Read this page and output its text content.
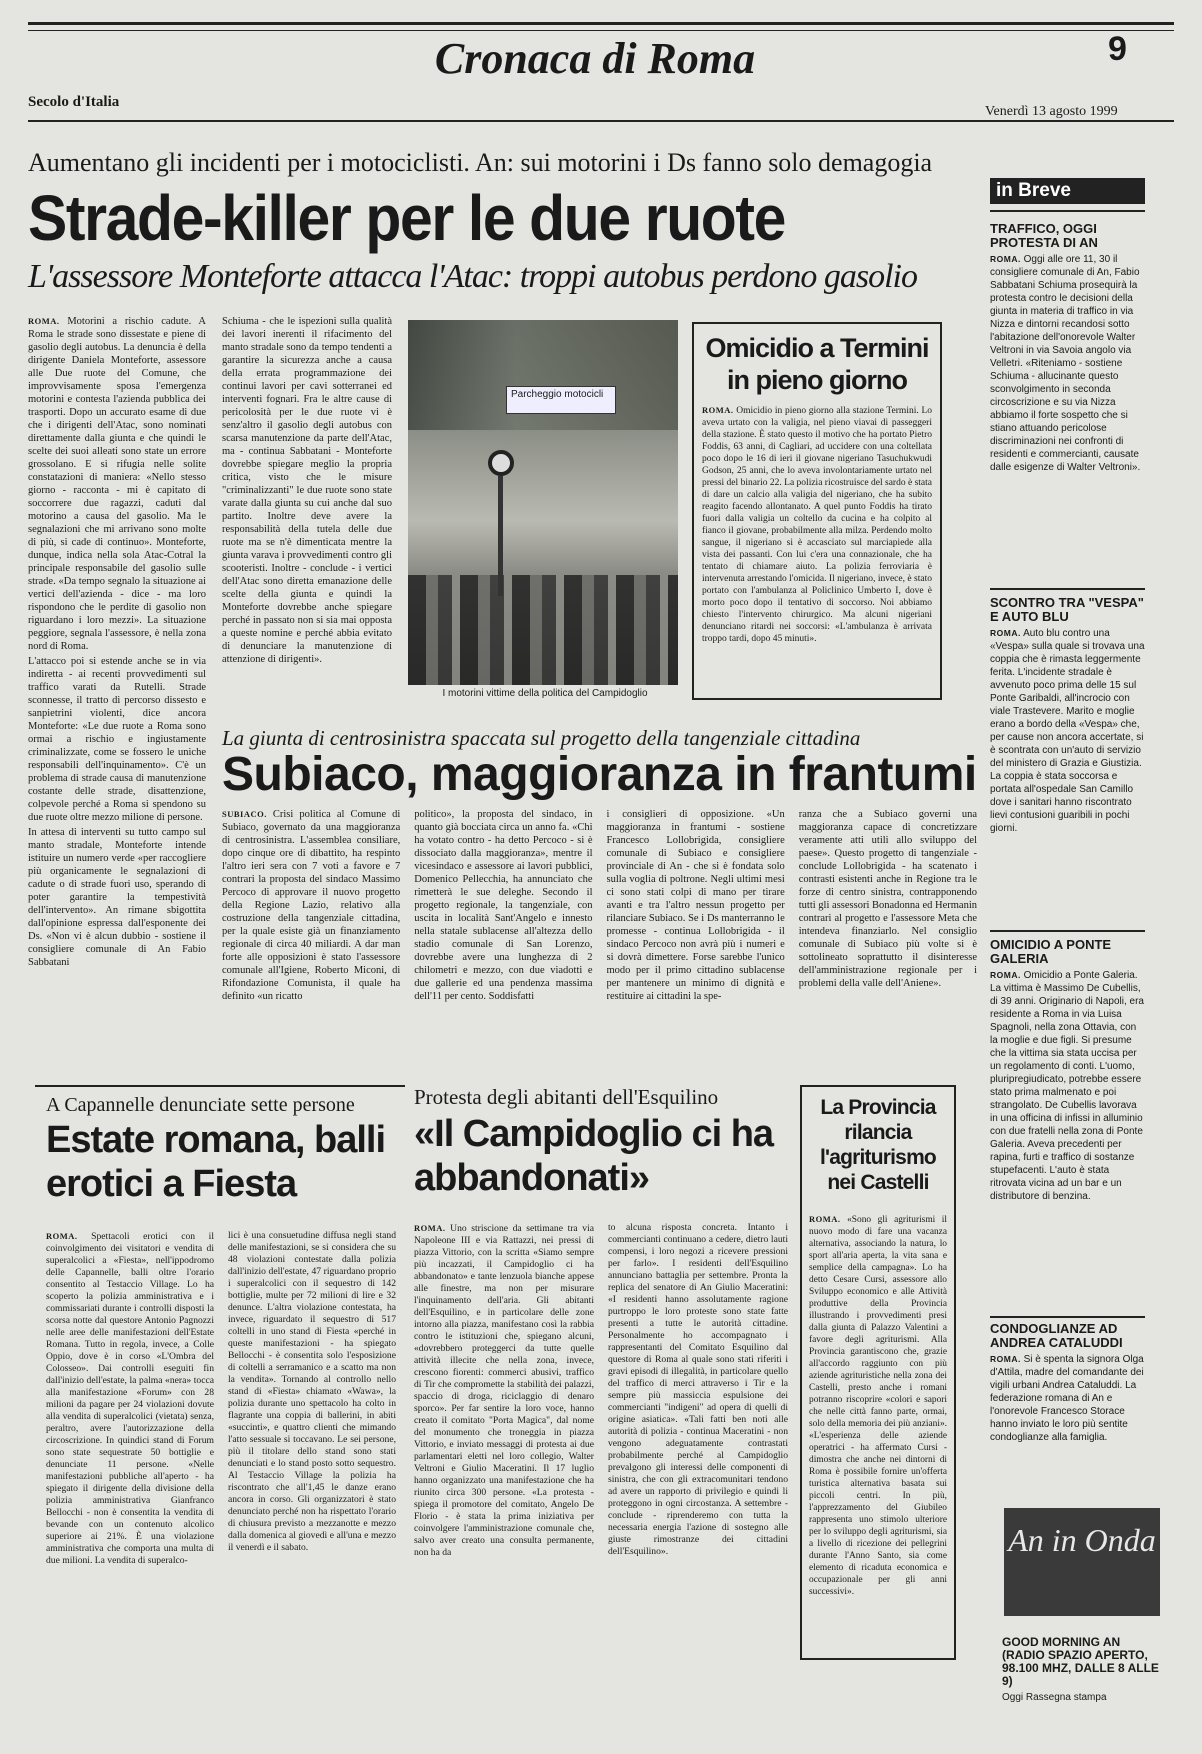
Cronaca di Roma	9
Secolo d'Italia
Venerdì 13 agosto 1999
Aumentano gli incidenti per i motociclisti. An: sui motorini i Ds fanno solo demagogia
Strade-killer per le due ruote
L'assessore Monteforte attacca l'Atac: troppi autobus perdono gasolio

ROMA. Motorini a rischio cadute. A Roma le strade sono dissestate e piene di gasolio degli autobus. La denuncia è della dirigente Daniela Monteforte, assessore alle Due ruote del Comune, che improvvisamente sposa l'emergenza motorini e contesta l'azienda pubblica dei trasporti. Dopo un accurato esame di due che i dirigenti dell'Atac, sono nominati direttamente dalla giunta e che quindi le scelte dei suoi alleati sono state un errore grossolano. E si rifugia nelle solite constatazioni di maniera: «Nello stesso giorno - racconta - mi è capitato di soccorrere due ragazzi, caduti dal motorino a causa del gasolio. Ma le segnalazioni che mi arrivano sono molte di più, si cade di continuo». Monteforte, dunque, indica nella sola Atac-Cotral la principale responsabile del gasolio sulle strade. «Da tempo segnalo la situazione ai vertici dell'azienda - dice - ma loro rispondono che le perdite di gasolio non riguardano i loro mezzi». La situazione peggiore, segnala l'assessore, è nella zona nord di Roma.

L'attacco poi si estende anche se in via indiretta - ai recenti provvedimenti sul traffico varati da Rutelli. Strade sconnesse, il tratto di percorso dissesto e sanpietrini violenti, dice ancora Monteforte: «Le due ruote a Roma sono ormai a rischio e ingiustamente criminalizzate, come se fossero le uniche responsabili dell'inquinamento». C'è un problema di strade causa di manutenzione costante delle strade, disattenzione, colpevole perché a Roma si spendono su due ruote oltre mezzo milione di persone.

In attesa di interventi su tutto campo sul manto stradale, Monteforte intende istituire un numero verde «per raccogliere più organicamente le segnalazioni di cadute o di strade fuori uso, sperando di poter garantire la tempestività dell'intervento». An rimane sbigottita dall'opinione espressa dall'esponente dei Ds. «Non vi è alcun dubbio - sostiene il consigliere comunale di An Fabio Sabbatani

Schiuma - che le ispezioni sulla qualità dei lavori inerenti il rifacimento del manto stradale sono da tempo tendenti a garantire la sicurezza anche a causa della errata programmazione dei continui lavori per cavi sotterranei ed interventi fognari. Fra le altre cause di pericolosità per le due ruote vi è senz'altro il gasolio degli autobus con scarsa manutenzione da parte dell'Atac, ma - continua Sabbatani - Monteforte dovrebbe spiegare meglio la propria critica, visto che le misure "criminalizzanti" le due ruote sono state varate dalla giunta su cui anche dal suo partito. Inoltre deve avere la responsabilità della tutela delle due ruote ma se n'è dimenticata mentre la giunta varava i provvedimenti contro gli scooteristi. Inoltre - conclude - i vertici dell'Atac sono diretta emanazione delle scelte della giunta e quindi la Monteforte dovrebbe anche spiegare perché in passato non si sia mai opposta a queste nomine e perché abbia evitato di denunciare la manutenzione di attenzione di dirigenti».

Parcheggio motocicli
I motorini vittime della politica del Campidoglio
Omicidio a Termini in pieno giorno
ROMA. Omicidio in pieno giorno alla stazione Termini. Lo aveva urtato con la valigia, nel pieno viavai di passeggeri della stazione. È stato questo il motivo che ha portato Pietro Foddis, 63 anni, di Cagliari, ad uccidere con una coltellata poco dopo le 16 di ieri il giovane nigeriano Tasuchukwudi Godson, 25 anni, che lo aveva involontariamente urtato nel pressi del binario 22. La polizia ricostruisce del sardo è stata di dare un calcio alla valigia del nigeriano, che ha subito reagito facendo allontanato. A quel punto Foddis ha tirato fuori dalla valigia un coltello da cucina e ha colpito al fianco il giovane, probabilmente alla milza. Perdendo molto sangue, il nigeriano si è accasciato sul marciapiede alla vista dei passanti. Con lui c'era una connazionale, che ha tentato di chiamare aiuto. La polizia ferroviaria è intervenuta arrestando l'omicida. Il nigeriano, invece, è stato portato con l'ambulanza al Policlinico Umberto I, dove è morto poco dopo il tentativo di soccorso. Noi abbiamo chiesto l'intervento chirurgico. Ma alcuni nigeriani denunciano ritardi nei soccorsi: «L'ambulanza è arrivata troppo tardi, dopo 45 minuti».
La giunta di centrosinistra spaccata sul progetto della tangenziale cittadina
Subiaco, maggioranza in frantumi
SUBIACO. Crisi politica al Comune di Subiaco, governato da una maggioranza di centrosinistra. L'assemblea consiliare, dopo cinque ore di dibattito, ha respinto l'altro ieri sera con 7 voti a favore e 7 contrari la proposta del sindaco Massimo Percoco di approvare il nuovo progetto della Regione Lazio, relativo alla costruzione della tangenziale cittadina, per la quale esiste già un finanziamento regionale di circa 40 miliardi. A dar man forte alle opposizioni è stato l'assessore comunale all'Igiene, Roberto Miconi, di Rifondazione Comunista, il quale ha definito «un ricatto
politico», la proposta del sindaco, in quanto già bocciata circa un anno fa. «Chi ha votato contro - ha detto Percoco - si è dissociato dalla maggioranza», mentre il vicesindaco e assessore ai lavori pubblici, Domenico Pellecchia, ha annunciato che rimetterà le sue deleghe. Secondo il progetto regionale, la tangenziale, con uscita in località Sant'Angelo e innesto nella statale sublacense all'altezza dello stadio comunale di San Lorenzo, dovrebbe avere una lunghezza di 2 chilometri e mezzo, con due viadotti e due gallerie ed una pendenza massima dell'11 per cento. Soddisfatti
i consiglieri di opposizione. «Un maggioranza in frantumi - sostiene Francesco Lollobrigida, consigliere comunale di Subiaco e consigliere provinciale di An - che si è fondata solo sulla voglia di poltrone. Negli ultimi mesi ci sono stati colpi di mano per tirare avanti e tra l'altro nessun progetto per rilanciare Subiaco. Se i Ds manterranno le promesse - continua Lollobrigida - il sindaco Percoco non avrà più i numeri e si dovrà dimettere. Forse sarebbe l'unico modo per il primo cittadino sublacense per mantenere un minimo di dignità e restituire ai cittadini la spe-
ranza che a Subiaco governi una maggioranza capace di concretizzare veramente atti utili allo sviluppo del paese». Questo progetto di tangenziale - conclude Lollobrigida - ha scatenato i contrasti esistenti anche in Regione tra le forze di centro sinistra, contrapponendo tutti gli assessori Bonadonna ed Hermanin contrari al progetto e l'assessore Meta che intendeva finanziarlo. Nel consiglio comunale di Subiaco più volte si è sottolineato soprattutto il disinteresse dell'amministrazione regionale per i problemi della valle dell'Aniene».
A Capannelle denunciate sette persone
Estate romana, balli erotici a Fiesta
ROMA. Spettacoli erotici con il coinvolgimento dei visitatori e vendita di superalcolici a «Fiesta», nell'ippodromo delle Capannelle, balli oltre l'orario consentito al Testaccio Village. Lo ha scoperto la polizia amministrativa e i commissariati durante i controlli disposti la scorsa notte dal questore Antonio Pagnozzi nelle aree delle manifestazioni dell'Estate Romana. Tutto in regola, invece, a Colle Oppio, dove è in corso «L'Ombra del Colosseo». Dai controlli eseguiti fin dall'inizio dell'estate, la palma «nera» tocca alla manifestazione «Forum» con 28 milioni da pagare per 24 violazioni dovute alla vendita di superalcolici (vietata) senza, peraltro, avere l'autorizzazione della circoscrizione. In quindici stand di Forum sono state sequestrate 50 bottiglie e denunciate 11 persone. «Nelle manifestazioni pubbliche all'aperto - ha spiegato il dirigente della divisione della polizia amministrativa Gianfranco Bellocchi - non è consentita la vendita di bevande con un contenuto alcolico superiore ai 21%. È una violazione amministrativa che comporta una multa di due milioni. La vendita di superalco-
lici è una consuetudine diffusa negli stand delle manifestazioni, se si considera che su 48 violazioni contestate dalla polizia dall'inizio dell'estate, 47 riguardano proprio i superalcolici con il sequestro di 142 bottiglie, multe per 72 milioni di lire e 32 denunce. L'altra violazione contestata, ha invece, riguardato il sequestro di 517 coltelli in uno stand di Fiesta «perché in queste manifestazioni - ha spiegato Bellocchi - è consentita solo l'esposizione di coltelli a serramanico e a scatto ma non la vendita». Tornando al controllo nello stand di «Fiesta» chiamato «Wawa», la polizia durante uno spettacolo ha colto in flagrante una coppia di ballerini, in abiti «succinti», e quattro clienti che mimando l'atto sessuale si toccavano. Le sei persone, più il titolare dello stand sono stati denunciati e lo stand posto sotto sequestro. Al Testaccio Village la polizia ha riscontrato che all'1,45 le danze erano ancora in corso. Gli organizzatori è stato denunciato perché non ha rispettato l'orario di chiusura previsto a mezzanotte e mezzo dalla domenica al giovedì e all'una e mezzo il venerdì e il sabato.
Protesta degli abitanti dell'Esquilino
«Il Campidoglio ci ha abbandonati»
ROMA. Uno striscione da settimane tra via Napoleone III e via Rattazzi, nei pressi di piazza Vittorio, con la scritta «Siamo sempre più incazzati, il Campidoglio ci ha abbandonato» e tante lenzuola bianche appese alle finestre, ma non per misurare l'inquinamento dell'aria. Gli abitanti dell'Esquilino, e in particolare delle zone intorno alla piazza, manifestano così la rabbia contro le istituzioni che, spiegano alcuni, «dovrebbero proteggerci da tutte quelle attività illecite che nella zona, invece, crescono fiorenti: commerci abusivi, traffico di Tir che compromette la stabilità dei palazzi, spaccio di droga, riciclaggio di denaro sporco». Per far sentire la loro voce, hanno creato il comitato "Porta Magica", dal nome del monumento che troneggia in piazza Vittorio, e inviato messaggi di protesta ai due parlamentari eletti nel loro collegio, Walter Veltroni e Giulio Maceratini. Il 17 luglio hanno organizzato una manifestazione che ha riunito circa 300 persone. «La protesta - spiega il promotore del comitato, Angelo De Florio - è stata la prima iniziativa per coinvolgere l'amministrazione comunale che, salvo aver creato una consulta permanente, non ha da
to alcuna risposta concreta. Intanto i commercianti continuano a cedere, dietro lauti compensi, i loro negozi a ricevere pressioni per farlo». I residenti dell'Esquilino annunciano battaglia per settembre. Pronta la replica del senatore di An Giulio Maceratini: «I residenti hanno assolutamente ragione purtroppo le loro proteste sono state fatte presenti a tutte le autorità cittadine. Personalmente ho accompagnato i rappresentanti del Comitato Esquilino dal questore di Roma al quale sono stati riferiti i gravi episodi di illegalità, in particolare quello del traffico di merci attraverso i Tir e la sempre più massiccia espulsione dei commercianti "indigeni" ad opera di quelli di origine asiatica». «Tali fatti ben noti alle autorità di polizia - continua Maceratini - non vengono adeguatamente contrastati probabilmente perché al Campidoglio prevalgono gli interessi delle componenti di sinistra, che con gli extracomunitari tendono ad avere un rapporto di privilegio e quindi li proteggono in ogni circostanza. A settembre - conclude - riprenderemo con tutta la necessaria energia l'azione di sostegno alle giuste rimostranze dei cittadini dell'Esquilino».
La Provincia rilancia l'agriturismo nei Castelli
ROMA. «Sono gli agriturismi il nuovo modo di fare una vacanza alternativa, associando la natura, lo sport all'aria aperta, la vita sana e semplice della campagna». Lo ha detto Cesare Cursi, assessore allo Sviluppo economico e alle Attività produttive della Provincia illustrando i provvedimenti presi dalla giunta di Palazzo Valentini a favore degli agriturismi. Alla Provincia garantiscono che, grazie all'accordo raggiunto con più aziende agrituristiche nella zona dei Castelli, presto anche i romani potranno riscoprire «colori e sapori che nelle città fanno parte, ormai, solo della memoria dei più anziani». «L'esperienza delle aziende operatrici - ha affermato Cursi - dimostra che anche nei dintorni di Roma è possibile fornire un'offerta turistica alternativa basata sui piccoli centri. In più, l'apprezzamento del Giubileo rappresenta uno stimolo ulteriore per lo sviluppo degli agriturismi, sia a livello di ricezione dei pellegrini durante l'Anno Santo, sia come elemento di ricaduta economica e occupazionale per gli anni successivi».
in Breve

TRAFFICO, OGGI PROTESTA DI AN

ROMA. Oggi alle ore 11, 30 il consigliere comunale di An, Fabio Sabbatani Schiuma prosequirà la protesta contro le decisioni della giunta in materia di traffico in via Nizza e dintorni recandosi sotto l'abitazione dell'onorevole Walter Veltroni in via Savoia angolo via Velletri. «Riteniamo - sostiene Schiuma - allucinante questo sconvolgimento in seconda circoscrizione e su via Nizza abbiamo il forte sospetto che si stiano attuando pericolose discriminazioni nei confronti di residenti e commercianti, causate dalle esigenze di Walter Veltroni».

SCONTRO TRA "VESPA" E AUTO BLU

ROMA. Auto blu contro una «Vespa» sulla quale si trovava una coppia che è rimasta leggermente ferita. L'incidente stradale è avvenuto poco prima delle 15 sul Ponte Garibaldi, all'incrocio con viale Trastevere. Marito e moglie erano a bordo della «Vespa» che, per cause non ancora accertate, si è scontrata con un'auto di servizio del ministero di Grazia e Giustizia. La coppia è stata soccorsa e portata all'ospedale San Camillo dove i sanitari hanno riscontrato lievi contusioni guaribili in pochi giorni.

OMICIDIO A PONTE GALERIA

ROMA. Omicidio a Ponte Galeria. La vittima è Massimo De Cubellis, di 39 anni. Originario di Napoli, era residente a Roma in via Luisa Spagnoli, nella zona Ottavia, con la moglie e due figli. Si presume che la vittima sia stata uccisa per un regolamento di conti. L'uomo, pluripregiudicato, potrebbe essere stato prima malmenato e poi strangolato. De Cubellis lavorava in una officina di infissi in alluminio con due fratelli nella zona di Ponte Galeria. Aveva precedenti per rapina, furti e traffico di sostanze stupefacenti. L'auto è stata ritrovata vicina ad un bar e un distributore di benzina.

CONDOGLIANZE AD ANDREA CATALUDDI

ROMA. Si è spenta la signora Olga d'Attila, madre del comandante dei vigili urbani Andrea Cataluddi. La federazione romana di An e l'onorevole Francesco Storace hanno inviato le loro più sentite condoglianze alla famiglia.

An in Onda

GOOD MORNING AN (RADIO SPAZIO APERTO, 98.100 MHZ, DALLE 8 ALLE 9)

Oggi Rassegna stampa
